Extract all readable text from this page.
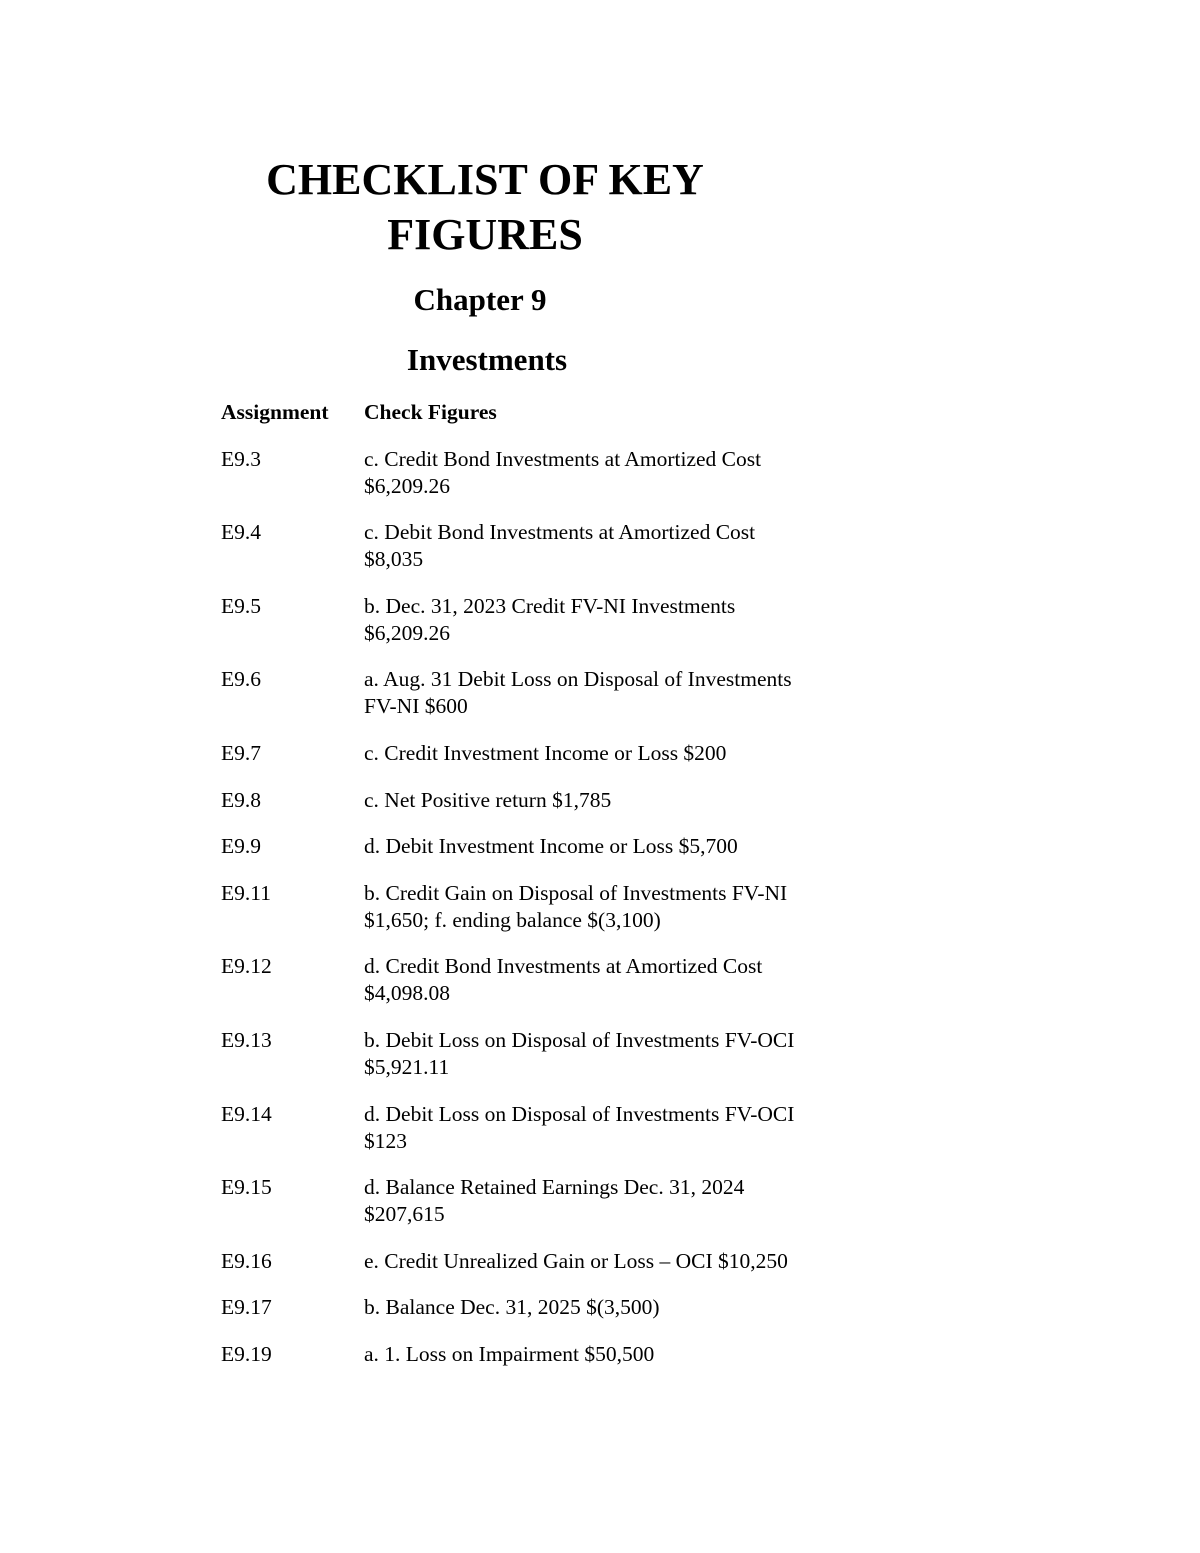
CHECKLIST OF KEY FIGURES
Chapter 9
Investments
Assignment	Check Figures
E9.3	c. Credit Bond Investments at Amortized Cost $6,209.26
E9.4	c. Debit Bond Investments at Amortized Cost $8,035
E9.5	b. Dec. 31, 2023 Credit FV-NI Investments $6,209.26
E9.6	a. Aug. 31 Debit Loss on Disposal of Investments FV-NI $600
E9.7	c. Credit Investment Income or Loss $200
E9.8	c. Net Positive return $1,785
E9.9	d. Debit Investment Income or Loss $5,700
E9.11	b. Credit Gain on Disposal of Investments FV-NI $1,650; f. ending balance $(3,100)
E9.12	d. Credit Bond Investments at Amortized Cost $4,098.08
E9.13	b. Debit Loss on Disposal of Investments FV-OCI $5,921.11
E9.14	d. Debit Loss on Disposal of Investments FV-OCI $123
E9.15	d. Balance Retained Earnings Dec. 31, 2024 $207,615
E9.16	e. Credit Unrealized Gain or Loss – OCI $10,250
E9.17	b. Balance Dec. 31, 2025 $(3,500)
E9.19	a. 1. Loss on Impairment $50,500
